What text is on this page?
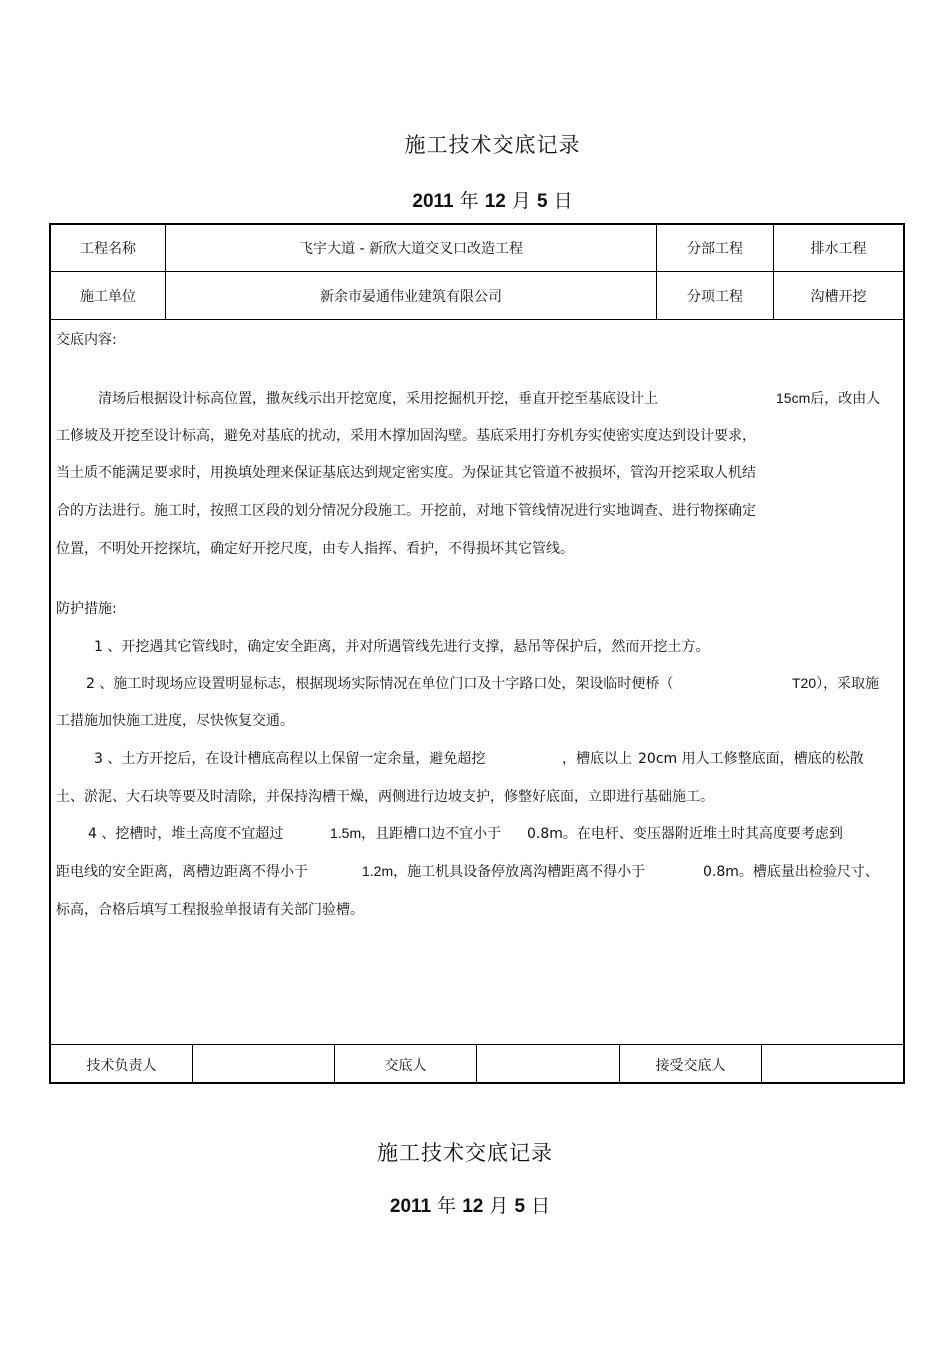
施工技术交底记录
2011 年 12 月 5 日
工程名称	飞宇大道 - 新欣大道交叉口改造工程	分部工程	排水工程
施工单位	新余市晏通伟业建筑有限公司	分项工程	沟槽开挖

交底内容:

清场后根据设计标高位置，撒灰线示出开挖宽度，采用挖掘机开挖，垂直开挖至基底设计上	15cm后，改由人

工修坡及开挖至设计标高，避免对基底的扰动，采用木撑加固沟壁。基底采用打夯机夯实使密实度达到设计要求，

当土质不能满足要求时，用换填处理来保证基底达到规定密实度。为保证其它管道不被损坏，管沟开挖采取人机结

合的方法进行。施工时，按照工区段的划分情况分段施工。开挖前，对地下管线情况进行实地调查、进行物探确定

位置，不明处开挖探坑，确定好开挖尺度，由专人指挥、看护，不得损坏其它管线。

防护措施:

1 、开挖遇其它管线时，确定安全距离，并对所遇管线先进行支撑，悬吊等保护后，然而开挖土方。

2 、施工时现场应设置明显标志，根据现场实际情况在单位门口及十字路口处，架设临时便桥（	T20），采取施

工措施加快施工进度，尽快恢复交通。

3 、土方开挖后，在设计槽底高程以上保留一定余量，避免超挖	，槽底以上 20cm 用人工修整底面，槽底的松散

土、淤泥、大石块等要及时清除，并保持沟槽干燥，两侧进行边坡支护，修整好底面，立即进行基础施工。

4 、挖槽时，堆土高度不宜超过	1.5m，且距槽口边不宜小于 0.8m。在电杆、变压器附近堆土时其高度要考虑到

距电线的安全距离，离槽边距离不得小于	1.2m，施工机具设备停放离沟槽距离不得小于	0.8m。槽底量出检验尺寸、

标高，合格后填写工程报验单报请有关部门验槽。

技术负责人	交底人	接受交底人
施工技术交底记录
2011 年 12 月 5 日
